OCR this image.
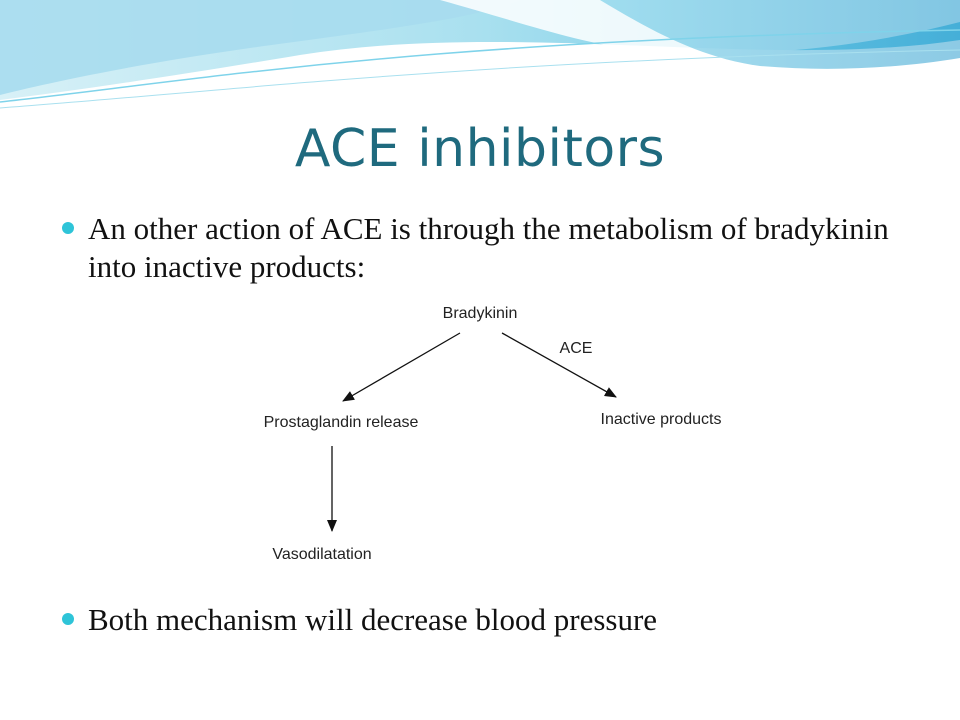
ACE inhibitors
An other action of ACE is through the metabolism of bradykinin into inactive products:
Bradykinin
Prostaglandin release	Inactive products
Vasodilatation
ACE
Both mechanism will decrease blood pressure
